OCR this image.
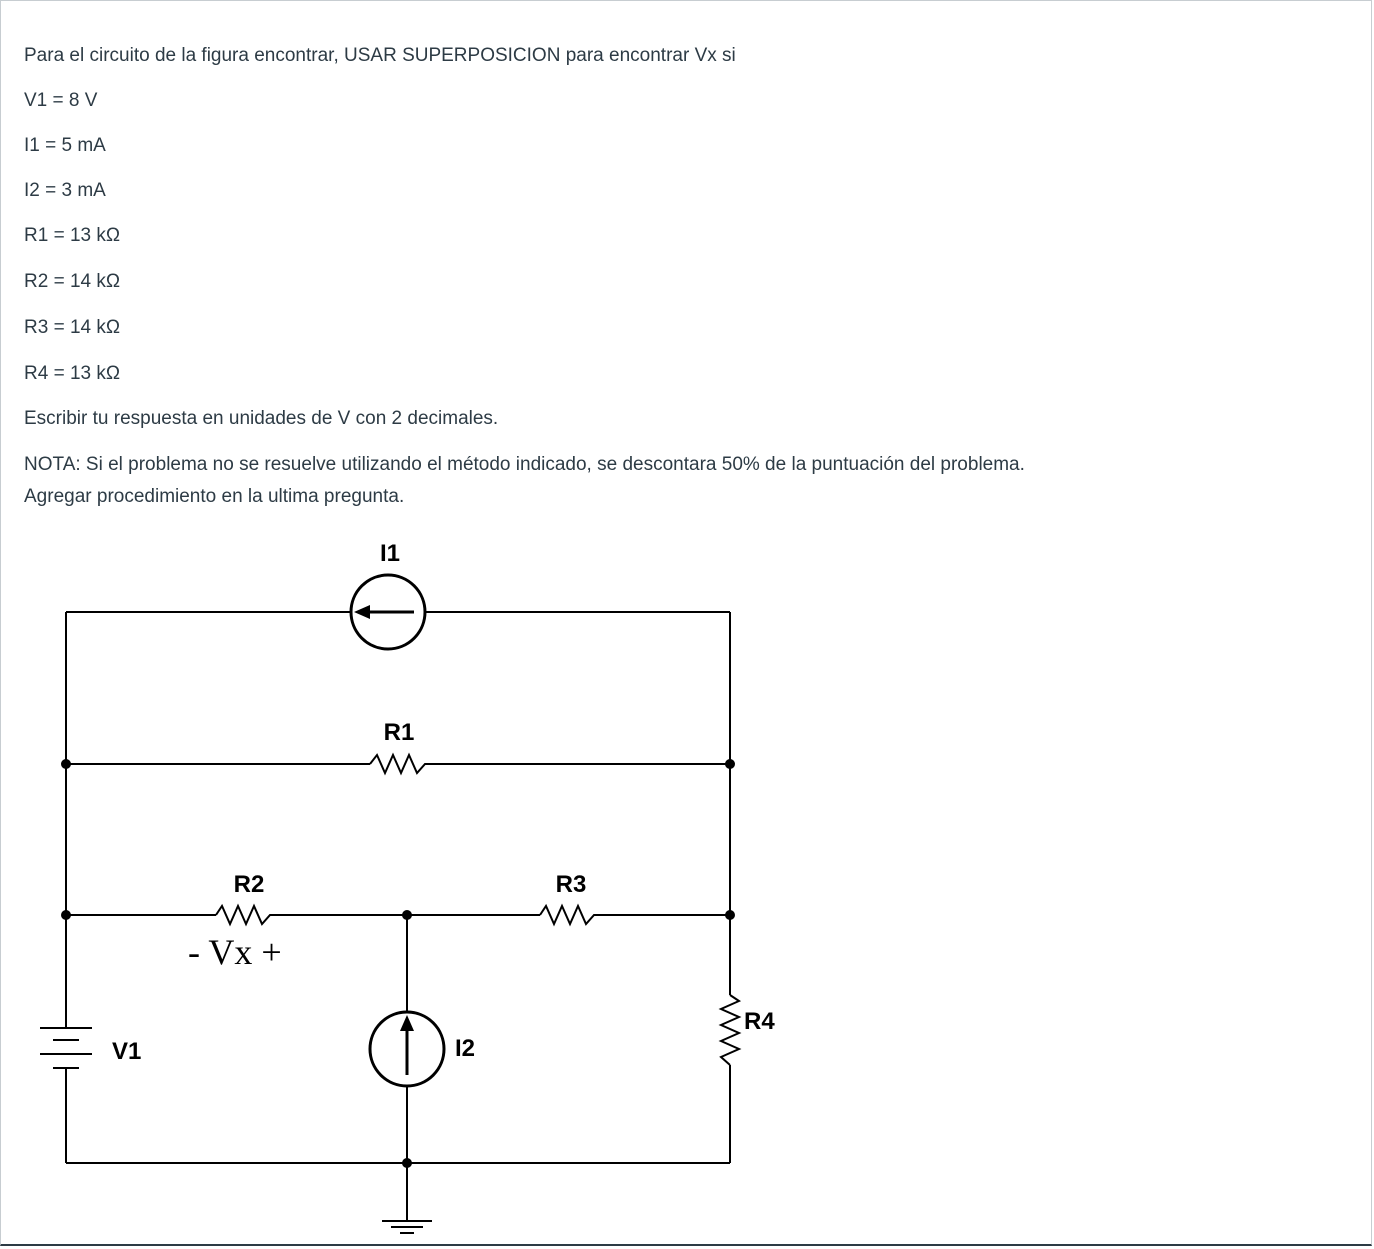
Para el circuito de la figura encontrar, USAR SUPERPOSICION para encontrar Vx si
V1 = 8 V
I1 = 5 mA
I2 = 3 mA
R1 = 13 kΩ
R2 = 14 kΩ
R3 = 14 kΩ
R4 = 13 kΩ
Escribir tu respuesta en unidades de V con 2 decimales.
NOTA: Si el problema no se resuelve utilizando el método indicado, se descontara 50% de la puntuación del problema.
Agregar procedimiento en la ultima pregunta.
I1
R1
R2	R3
R4
V1	I2
- Vx +
